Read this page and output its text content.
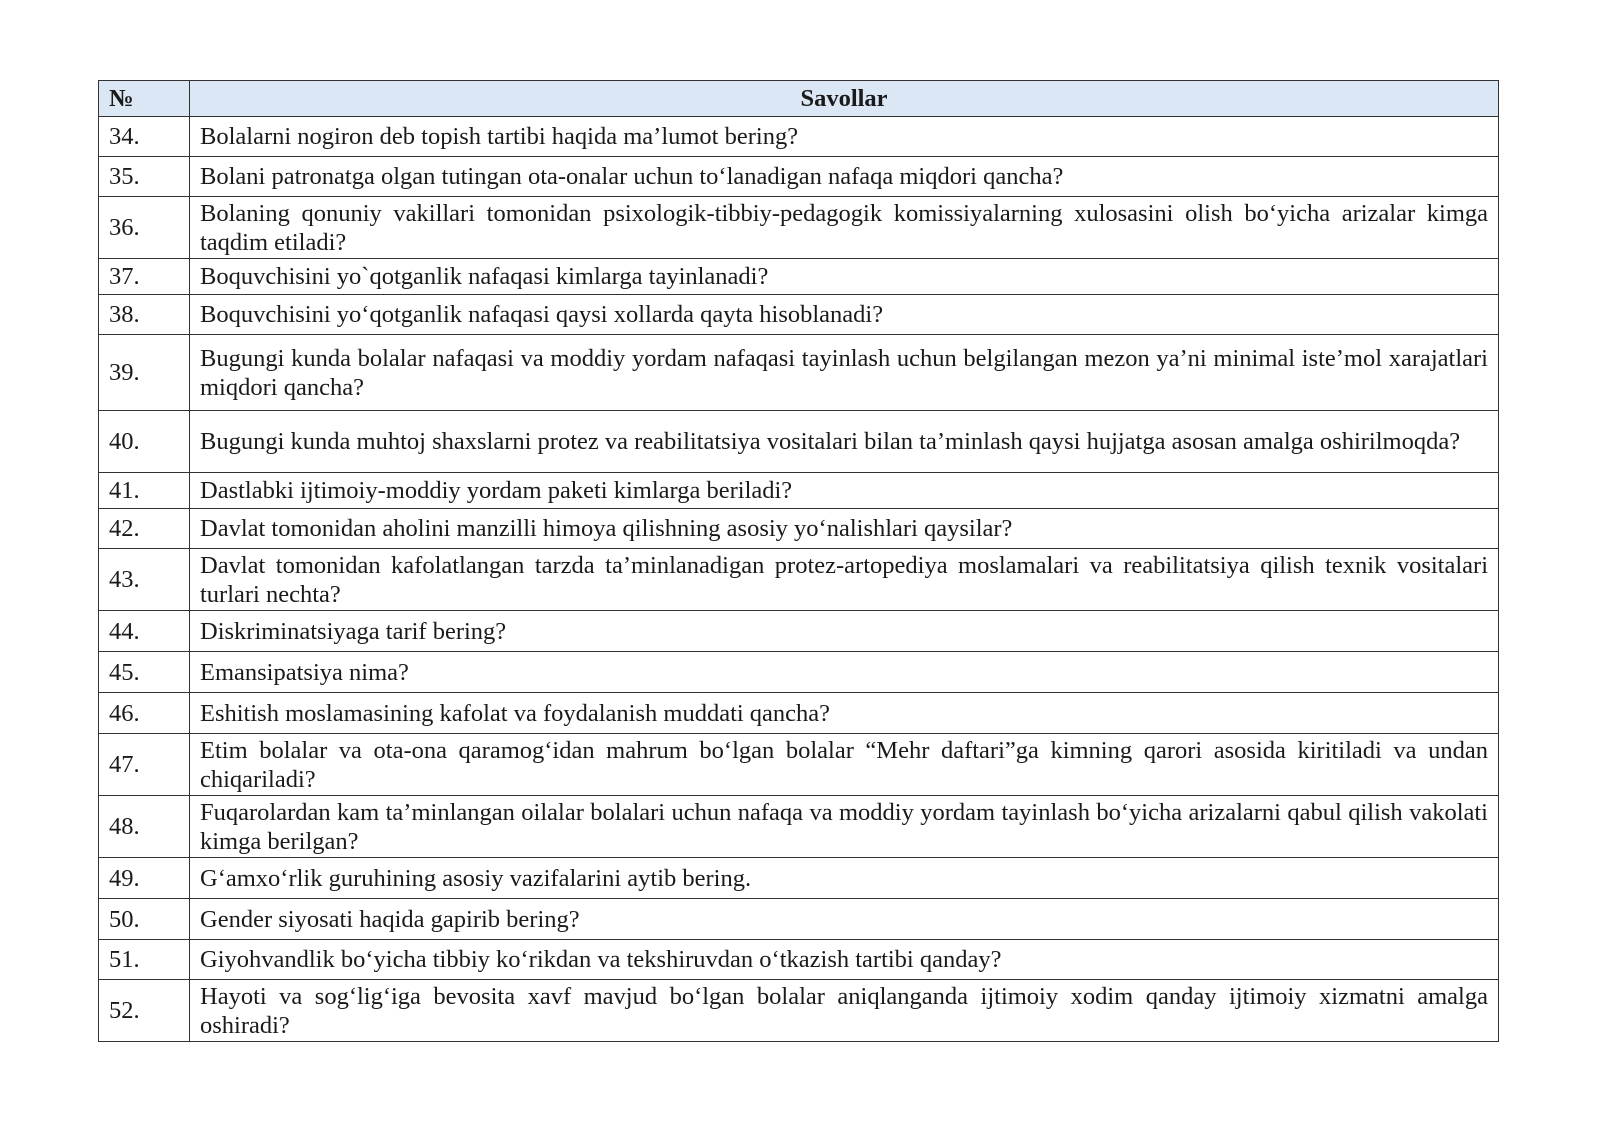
№	Savollar
34.	Bolalarni nogiron deb topish tartibi haqida ma’lumot bering?
35.	Bolani patronatga olgan tutingan ota-onalar uchun to‘lanadigan nafaqa miqdori qancha?
36.	Bolaning qonuniy vakillari tomonidan psixologik-tibbiy-pedagogik komissiyalarning xulosasini olish bo‘yicha arizalar kimga taqdim etiladi?
37.	Boquvchisini yo`qotganlik nafaqasi kimlarga tayinlanadi?
38.	Boquvchisini yo‘qotganlik nafaqasi qaysi xollarda qayta hisoblanadi?
39.	Bugungi kunda bolalar nafaqasi va moddiy yordam nafaqasi tayinlash uchun belgilangan mezon ya’ni minimal iste’mol xarajatlari miqdori qancha?
40.	Bugungi kunda muhtoj shaxslarni protez va reabilitatsiya vositalari bilan ta’minlash qaysi hujjatga asosan amalga oshirilmoqda?
41.	Dastlabki ijtimoiy-moddiy yordam paketi kimlarga beriladi?
42.	Davlat tomonidan aholini manzilli himoya qilishning asosiy yo‘nalishlari qaysilar?
43.	Davlat tomonidan kafolatlangan tarzda ta’minlanadigan protez-artopediya moslamalari va reabilitatsiya qilish texnik vositalari turlari nechta?
44.	Diskriminatsiyaga tarif bering?
45.	Emansipatsiya nima?
46.	Eshitish moslamasining kafolat va foydalanish muddati qancha?
47.	Etim bolalar va ota-ona qaramog‘idan mahrum bo‘lgan bolalar “Mehr daftari”ga kimning qarori asosida kiritiladi va undan chiqariladi?
48.	Fuqarolardan kam ta’minlangan oilalar bolalari uchun nafaqa va moddiy yordam tayinlash bo‘yicha arizalarni qabul qilish vakolati kimga berilgan?
49.	G‘amxo‘rlik guruhining asosiy vazifalarini aytib bering.
50.	Gender siyosati haqida gapirib bering?
51.	Giyohvandlik bo‘yicha tibbiy ko‘rikdan va tekshiruvdan o‘tkazish tartibi qanday?
52.	Hayoti va sog‘lig‘iga bevosita xavf mavjud bo‘lgan bolalar aniqlanganda ijtimoiy xodim qanday ijtimoiy xizmatni amalga oshiradi?
